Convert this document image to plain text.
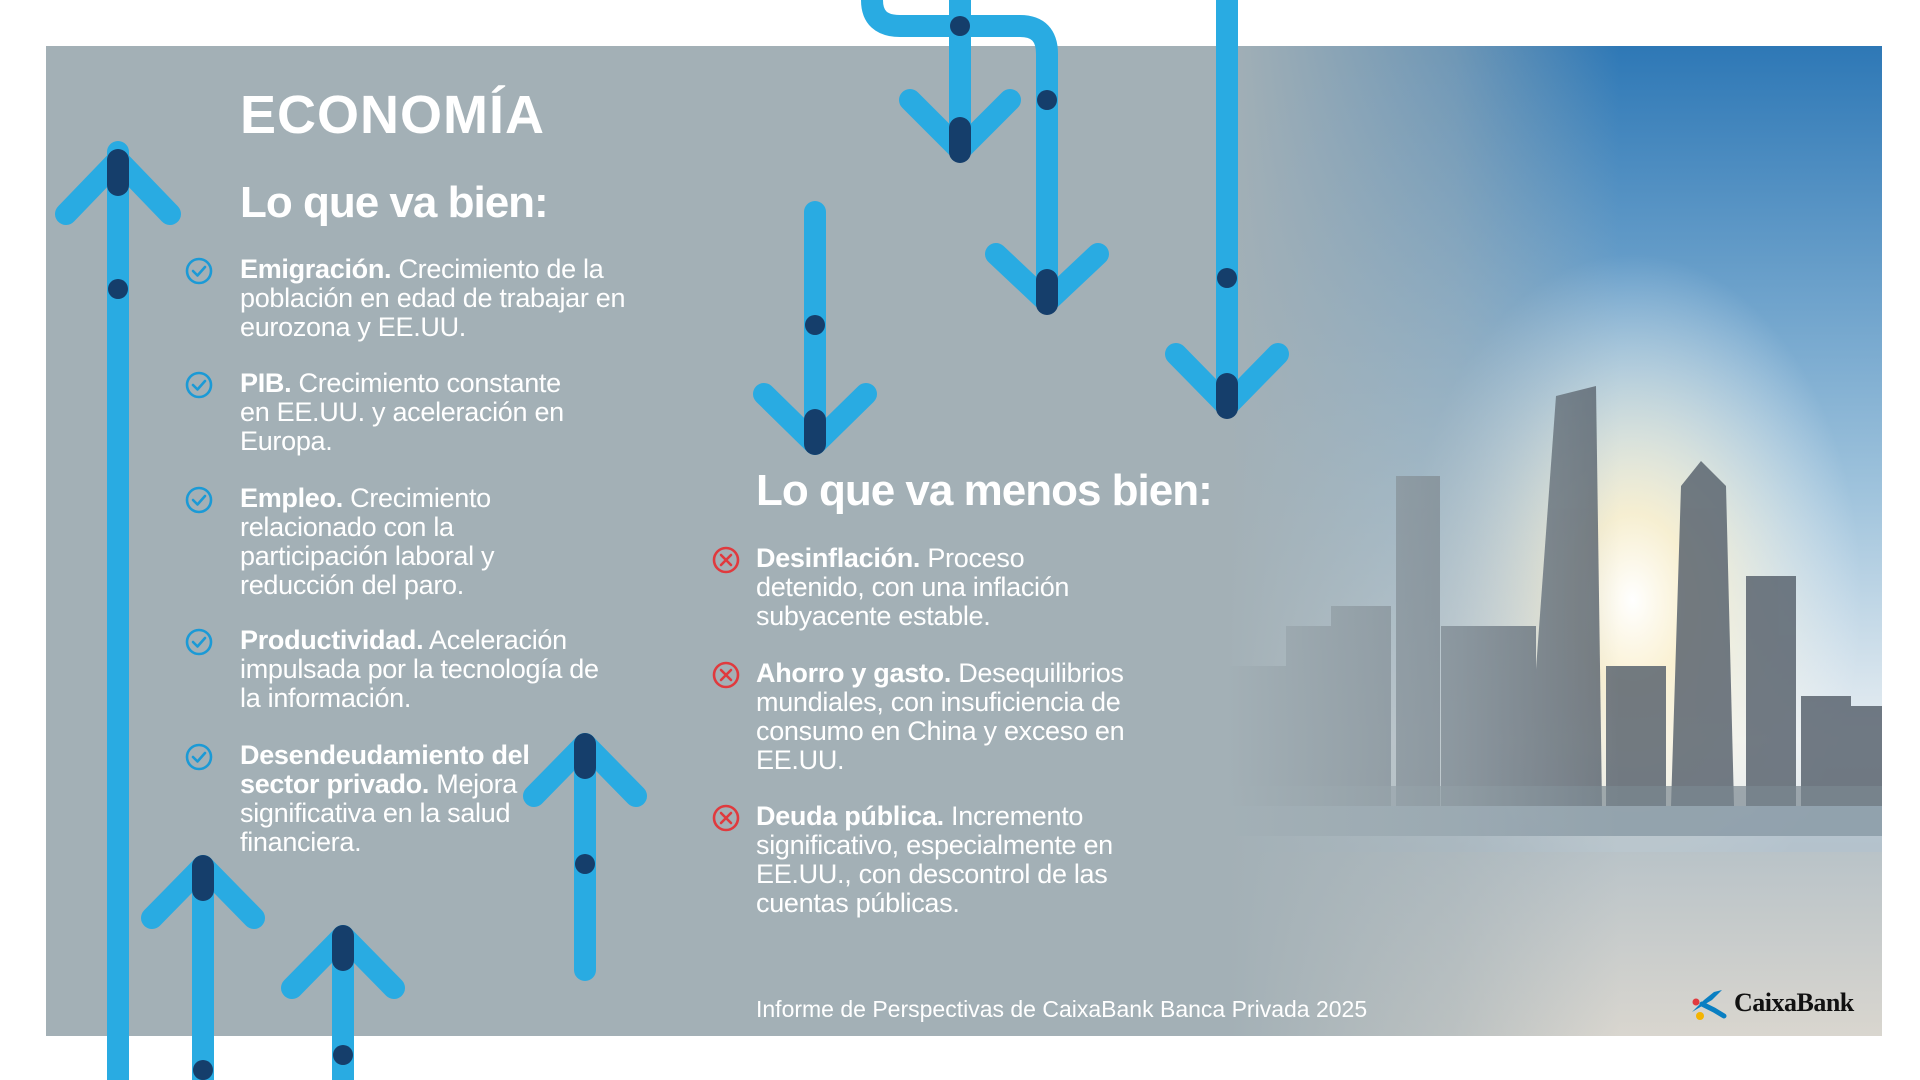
ECONOMÍA
Lo que va bien:
Lo que va menos bien:
Emigración. Crecimiento de la población en edad de trabajar en eurozona y EE.UU.
PIB. Crecimiento constante en EE.UU. y aceleración en Europa.
Empleo. Crecimiento relacionado con la participación laboral y reducción del paro.
Productividad. Aceleración impulsada por la tecnología de la información.
Desendeudamiento del sector privado. Mejora significativa en la salud financiera.
Desinflación. Proceso detenido, con una inflación subyacente estable.
Ahorro y gasto. Desequilibrios mundiales, con insuficiencia de consumo en China y exceso en EE.UU.
Deuda pública. Incremento significativo, especialmente en EE.UU., con descontrol de las cuentas públicas.
Informe de Perspectivas de CaixaBank Banca Privada 2025	CaixaBank
